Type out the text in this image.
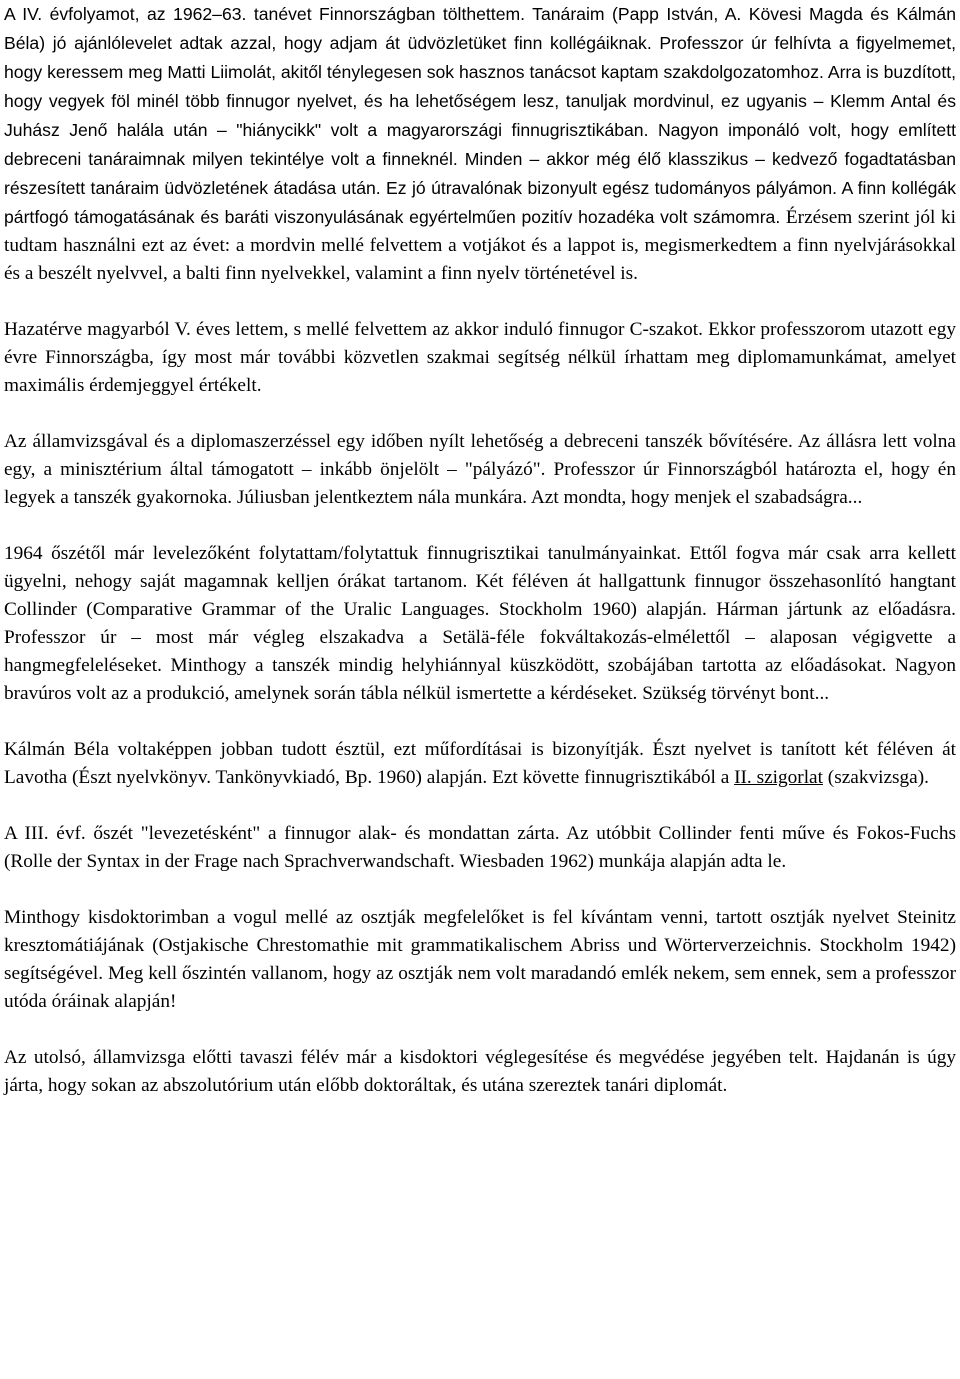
A IV. évfolyamot, az 1962–63. tanévet Finnországban tölthettem. Tanáraim (Papp István, A. Kövesi Magda és Kálmán Béla) jó ajánlólevelet adtak azzal, hogy adjam át üdvözletüket finn kollégáiknak. Professzor úr felhívta a figyelmemet, hogy keressem meg Matti Liimolát, akitől ténylegesen sok hasznos tanácsot kaptam szakdolgozatomhoz. Arra is buzdított, hogy vegyek föl minél több finnugor nyelvet, és ha lehetőségem lesz, tanuljak mordvinul, ez ugyanis – Klemm Antal és Juhász Jenő halála után – "hiánycikk" volt a magyarországi finnugrisztikában. Nagyon imponáló volt, hogy említett debreceni tanáraimnak milyen tekintélye volt a finneknél. Minden – akkor még élő klasszikus – kedvező fogadtatásban részesített tanáraim üdvözletének átadása után. Ez jó útravalónak bizonyult egész tudományos pályámon. A finn kollégák pártfogó támogatásának és baráti viszonyulásának egyértelműen pozitív hozadéka volt számomra. Érzésem szerint jól ki tudtam használni ezt az évet: a mordvin mellé felvettem a votjákot és a lappot is, megismerkedtem a finn nyelvjárásokkal és a beszélt nyelvvel, a balti finn nyelvekkel, valamint a finn nyelv történetével is.

Hazatérve magyarból V. éves lettem, s mellé felvettem az akkor induló finnugor C-szakot. Ekkor professzorom utazott egy évre Finnországba, így most már további közvetlen szakmai segítség nélkül írhattam meg diplomamunkámat, amelyet maximális érdemjeggyel értékelt.

Az államvizsgával és a diplomaszerzéssel egy időben nyílt lehetőség a debreceni tanszék bővítésére. Az állásra lett volna egy, a minisztérium által támogatott – inkább önjelölt – "pályázó". Professzor úr Finnországból határozta el, hogy én legyek a tanszék gyakornoka. Júliusban jelentkeztem nála munkára. Azt mondta, hogy menjek el szabadságra...

1964 őszétől már levelezőként folytattam/folytattuk finnugrisztikai tanulmányainkat. Ettől fogva már csak arra kellett ügyelni, nehogy saját magamnak kelljen órákat tartanom. Két féléven át hallgattunk finnugor összehasonlító hangtant Collinder (Comparative Grammar of the Uralic Languages. Stockholm 1960) alapján. Hárman jártunk az előadásra. Professzor úr – most már végleg elszakadva a Setälä-féle fokváltakozás-elmélettől – alaposan végigvette a hangmegfeleléseket. Minthogy a tanszék mindig helyhiánnyal küszködött, szobájában tartotta az előadásokat. Nagyon bravúros volt az a produkció, amelynek során tábla nélkül ismertette a kérdéseket. Szükség törvényt bont...

Kálmán Béla voltaképpen jobban tudott észtül, ezt műfordításai is bizonyítják. Észt nyelvet is tanított két féléven át Lavotha (Észt nyelvkönyv. Tankönyvkiadó, Bp. 1960) alapján. Ezt követte finnugrisztikából a II. szigorlat (szakvizsga).

A III. évf. őszét "levezetésként" a finnugor alak- és mondattan zárta. Az utóbbit Collinder fenti műve és Fokos-Fuchs (Rolle der Syntax in der Frage nach Sprachverwandschaft. Wiesbaden 1962) munkája alapján adta le.

Minthogy kisdoktorimban a vogul mellé az osztják megfelelőket is fel kívántam venni, tartott osztják nyelvet Steinitz kresztomátiájának (Ostjakische Chrestomathie mit grammatikalischem Abriss und Wörterverzeichnis. Stockholm 1942) segítségével. Meg kell őszintén vallanom, hogy az osztják nem volt maradandó emlék nekem, sem ennek, sem a professzor utóda óráinak alapján!

Az utolsó, államvizsga előtti tavaszi félév már a kisdoktori véglegesítése és megvédése jegyében telt. Hajdanán is úgy járta, hogy sokan az abszolutórium után előbb doktoráltak, és utána szereztek tanári diplomát.
